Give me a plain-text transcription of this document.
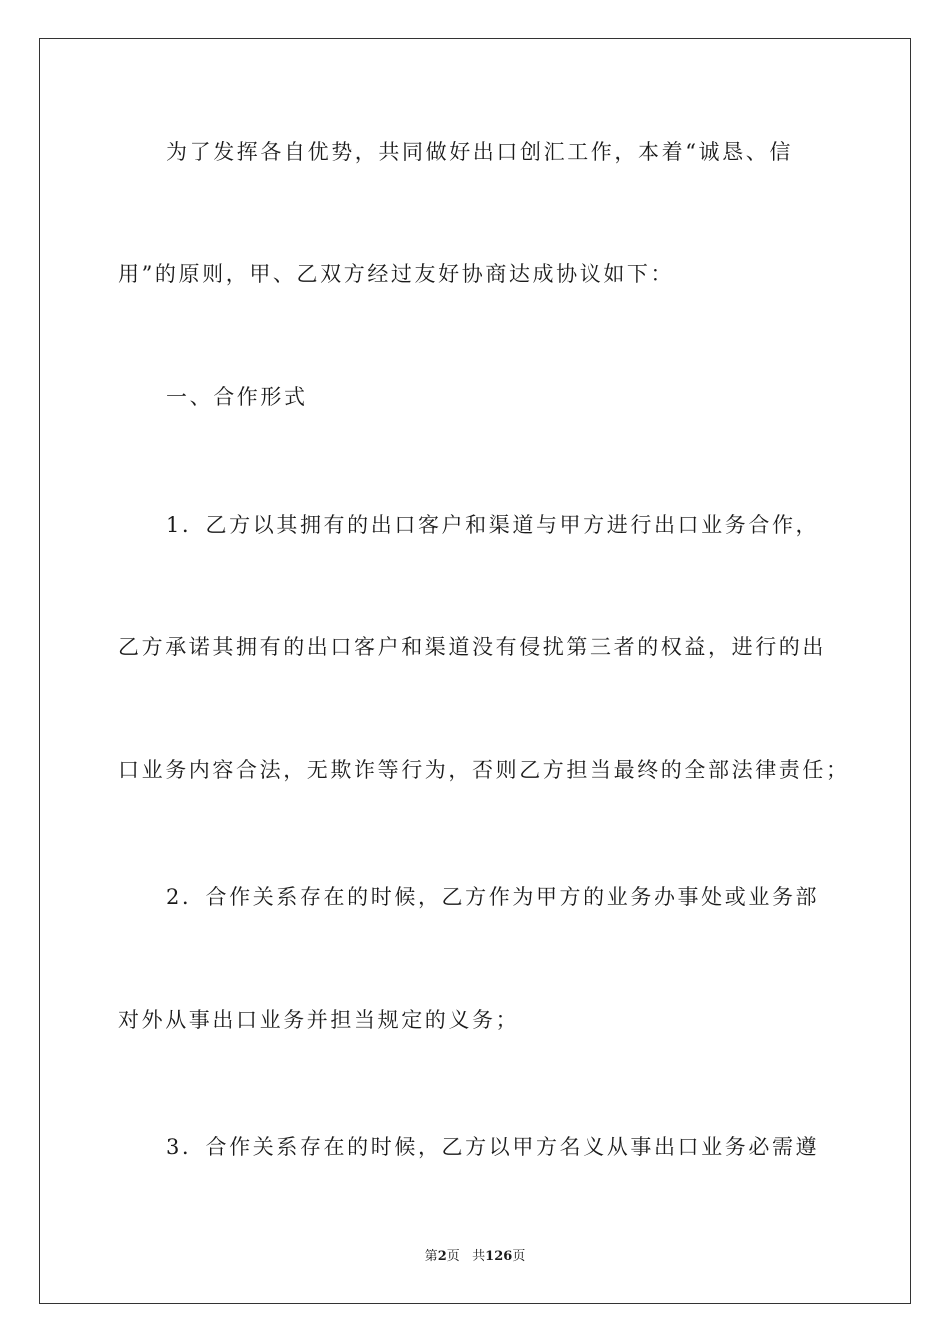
为了发挥各自优势，共同做好出口创汇工作，本着“诚恳、信

用”的原则，甲、乙双方经过友好协商达成协议如下：

一、合作形式

1．乙方以其拥有的出口客户和渠道与甲方进行出口业务合作，

乙方承诺其拥有的出口客户和渠道没有侵扰第三者的权益，进行的出

口业务内容合法，无欺诈等行为，否则乙方担当最终的全部法律责任；

2．合作关系存在的时候，乙方作为甲方的业务办事处或业务部

对外从事出口业务并担当规定的义务；

3．合作关系存在的时候，乙方以甲方名义从事出口业务必需遵

第2页 共126页
